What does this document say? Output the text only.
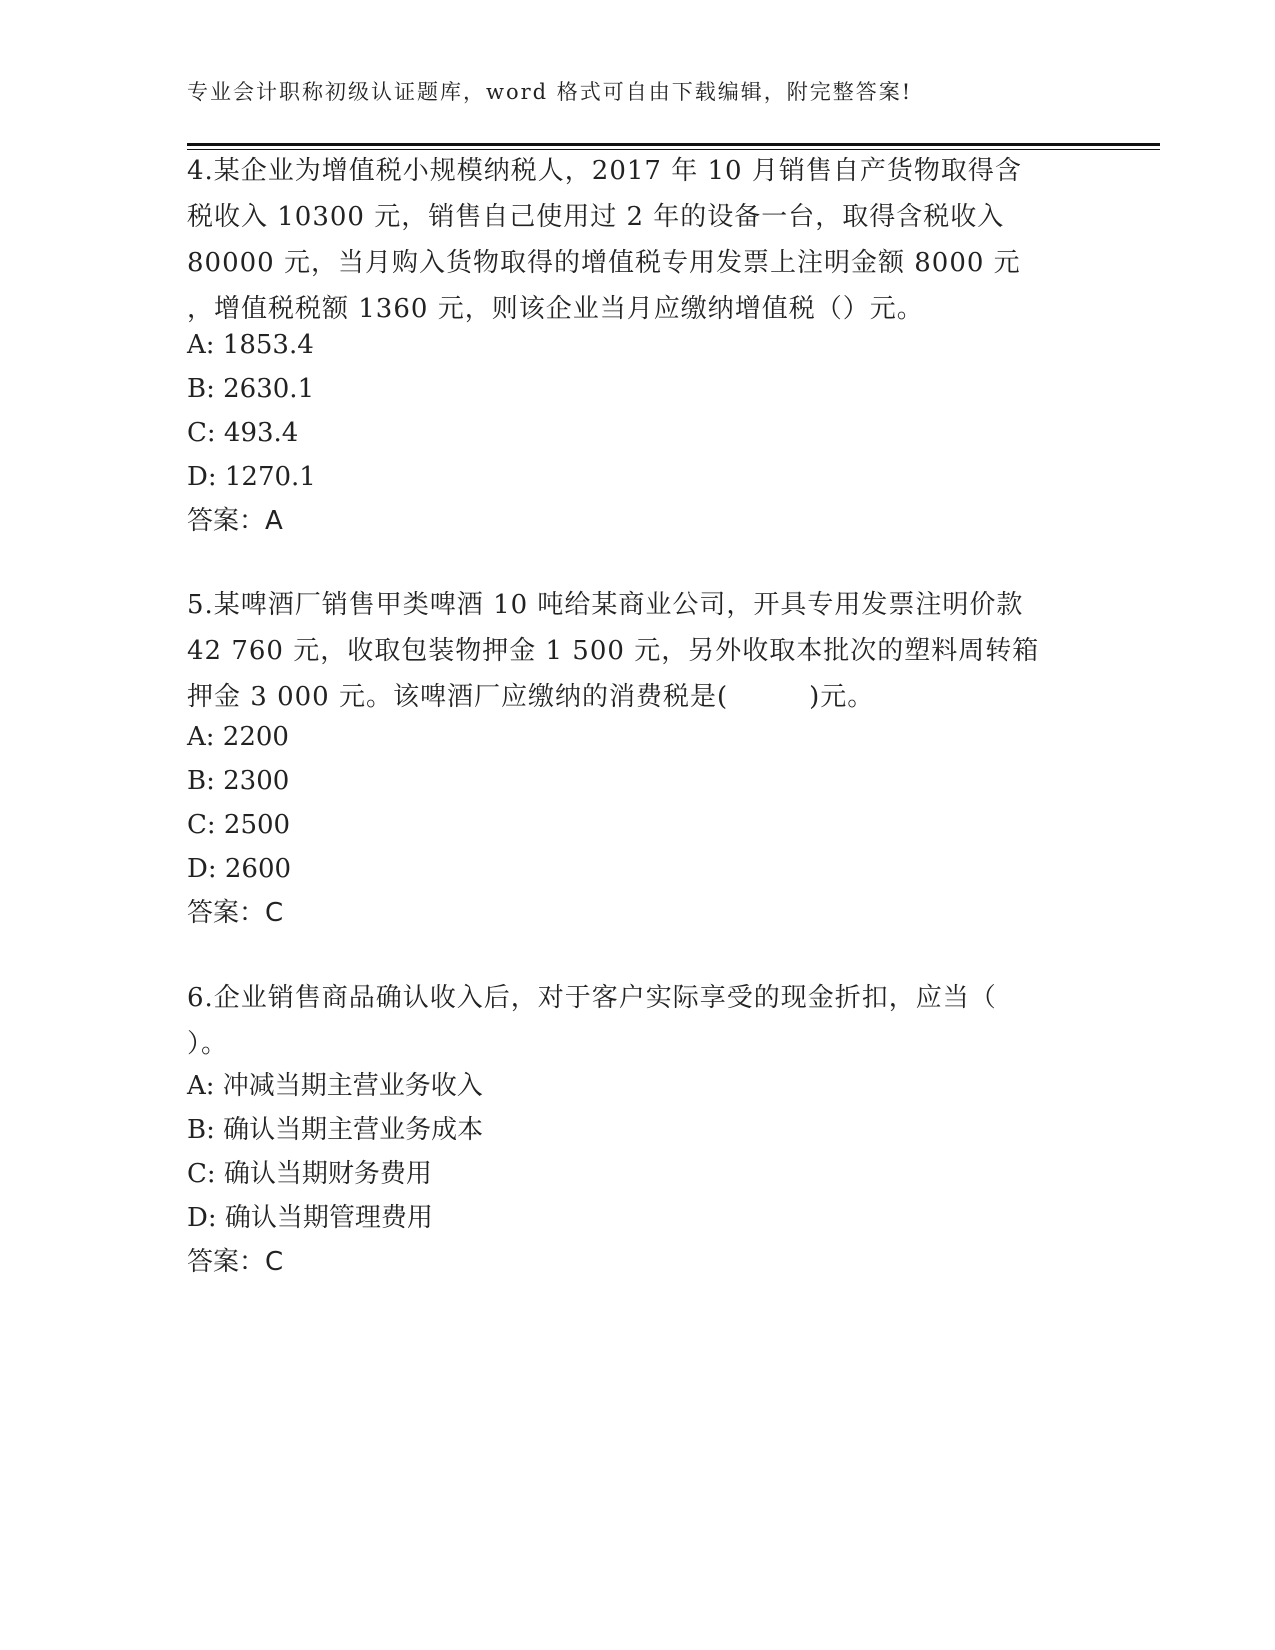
专业会计职称初级认证题库，word 格式可自由下载编辑，附完整答案!
4.某企业为增值税小规模纳税人，2017 年 10 月销售自产货物取得含
税收入 10300 元，销售自己使用过 2 年的设备一台，取得含税收入
80000 元，当月购入货物取得的增值税专用发票上注明金额 8000 元
，增值税税额 1360 元，则该企业当月应缴纳增值税（）元。
A: 1853.4
B: 2630.1
C: 493.4
D: 1270.1
答案：A
5.某啤酒厂销售甲类啤酒 10 吨给某商业公司，开具专用发票注明价款
42 760 元，收取包装物押金 1 500 元，另外收取本批次的塑料周转箱
押金 3 000 元。该啤酒厂应缴纳的消费税是(　　　)元。
A: 2200
B: 2300
C: 2500
D: 2600
答案：C
6.企业销售商品确认收入后，对于客户实际享受的现金折扣，应当（
）。
A: 冲减当期主营业务收入
B: 确认当期主营业务成本
C: 确认当期财务费用
D: 确认当期管理费用
答案：C
